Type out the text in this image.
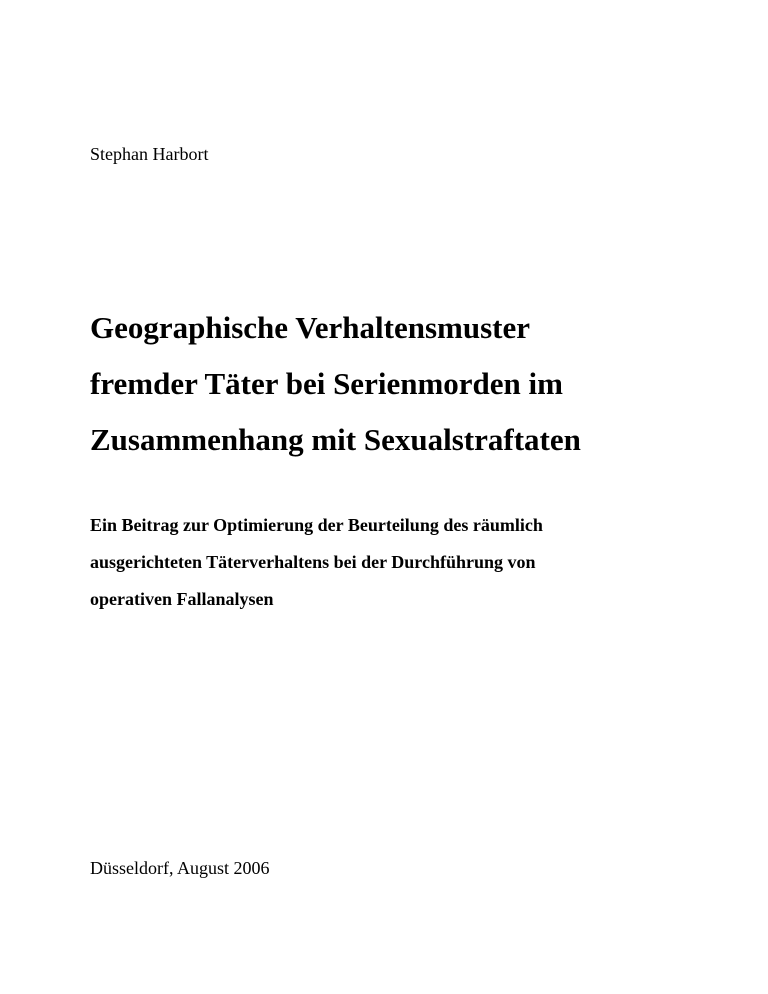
Stephan Harbort

Geographische Verhaltensmuster
fremder Täter bei Serienmorden im
Zusammenhang mit Sexualstraftaten
Ein Beitrag zur Optimierung der Beurteilung des räumlich
ausgerichteten Täterverhaltens bei der Durchführung von
operativen Fallanalysen

Düsseldorf, August 2006
